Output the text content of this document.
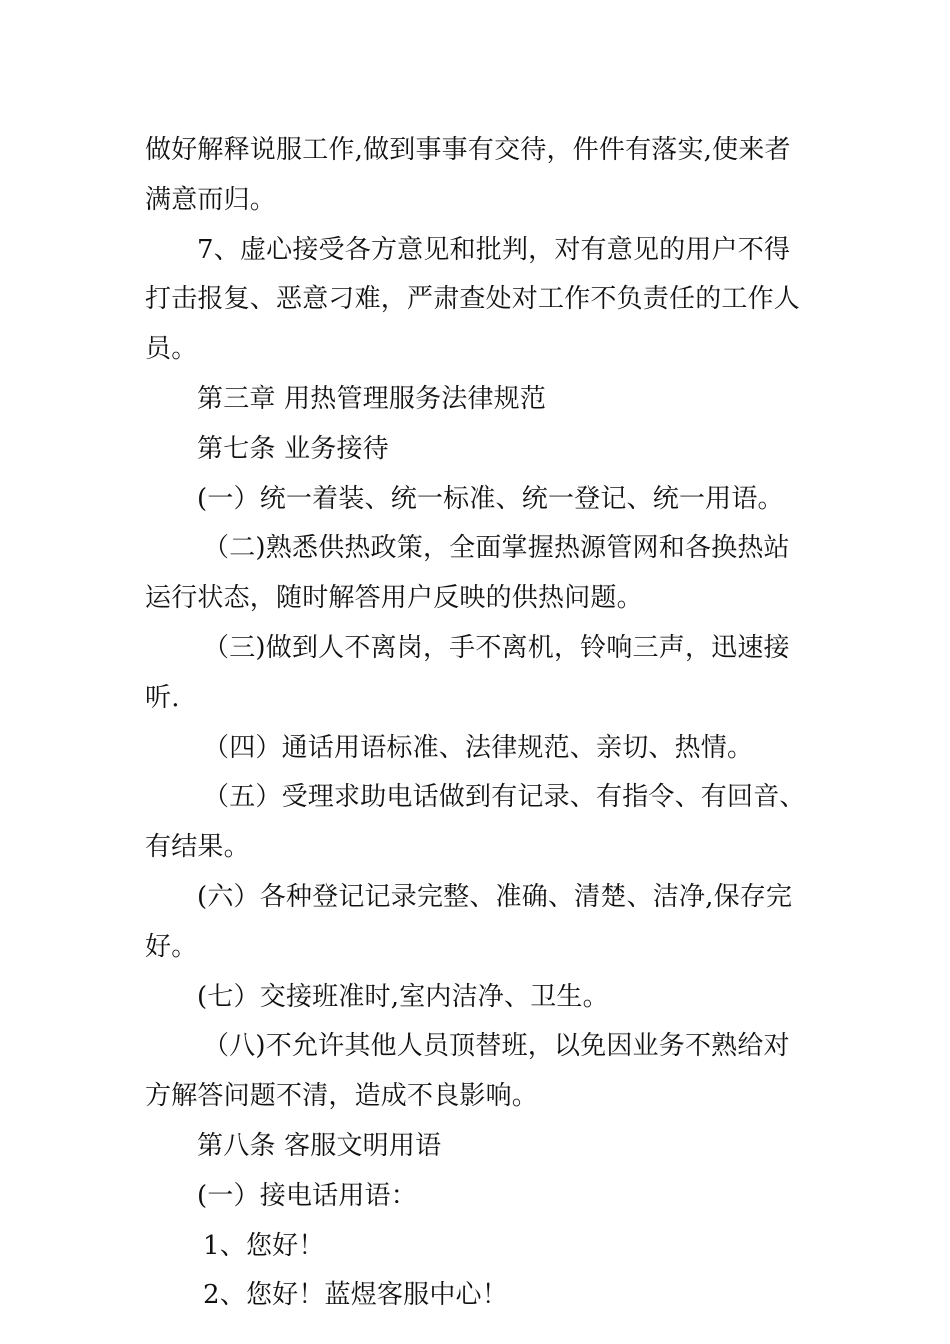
做好解释说服工作,做到事事有交待，件件有落实,使来者满意而归。

7、虚心接受各方意见和批判，对有意见的用户不得打击报复、恶意刁难，严肃查处对工作不负责任的工作人员。

第三章 用热管理服务法律规范

第七条 业务接待

(一）统一着装、统一标准、统一登记、统一用语。

（二)熟悉供热政策，全面掌握热源管网和各换热站运行状态，随时解答用户反映的供热问题。

（三)做到人不离岗，手不离机，铃响三声，迅速接听.

（四）通话用语标准、法律规范、亲切、热情。

（五）受理求助电话做到有记录、有指令、有回音、有结果。

(六）各种登记记录完整、准确、清楚、洁净,保存完好。

(七）交接班准时,室内洁净、卫生。

（八)不允许其他人员顶替班，以免因业务不熟给对方解答问题不清，造成不良影响。

第八条 客服文明用语

(一）接电话用语：

1、您好！

2、您好！蓝煜客服中心！
